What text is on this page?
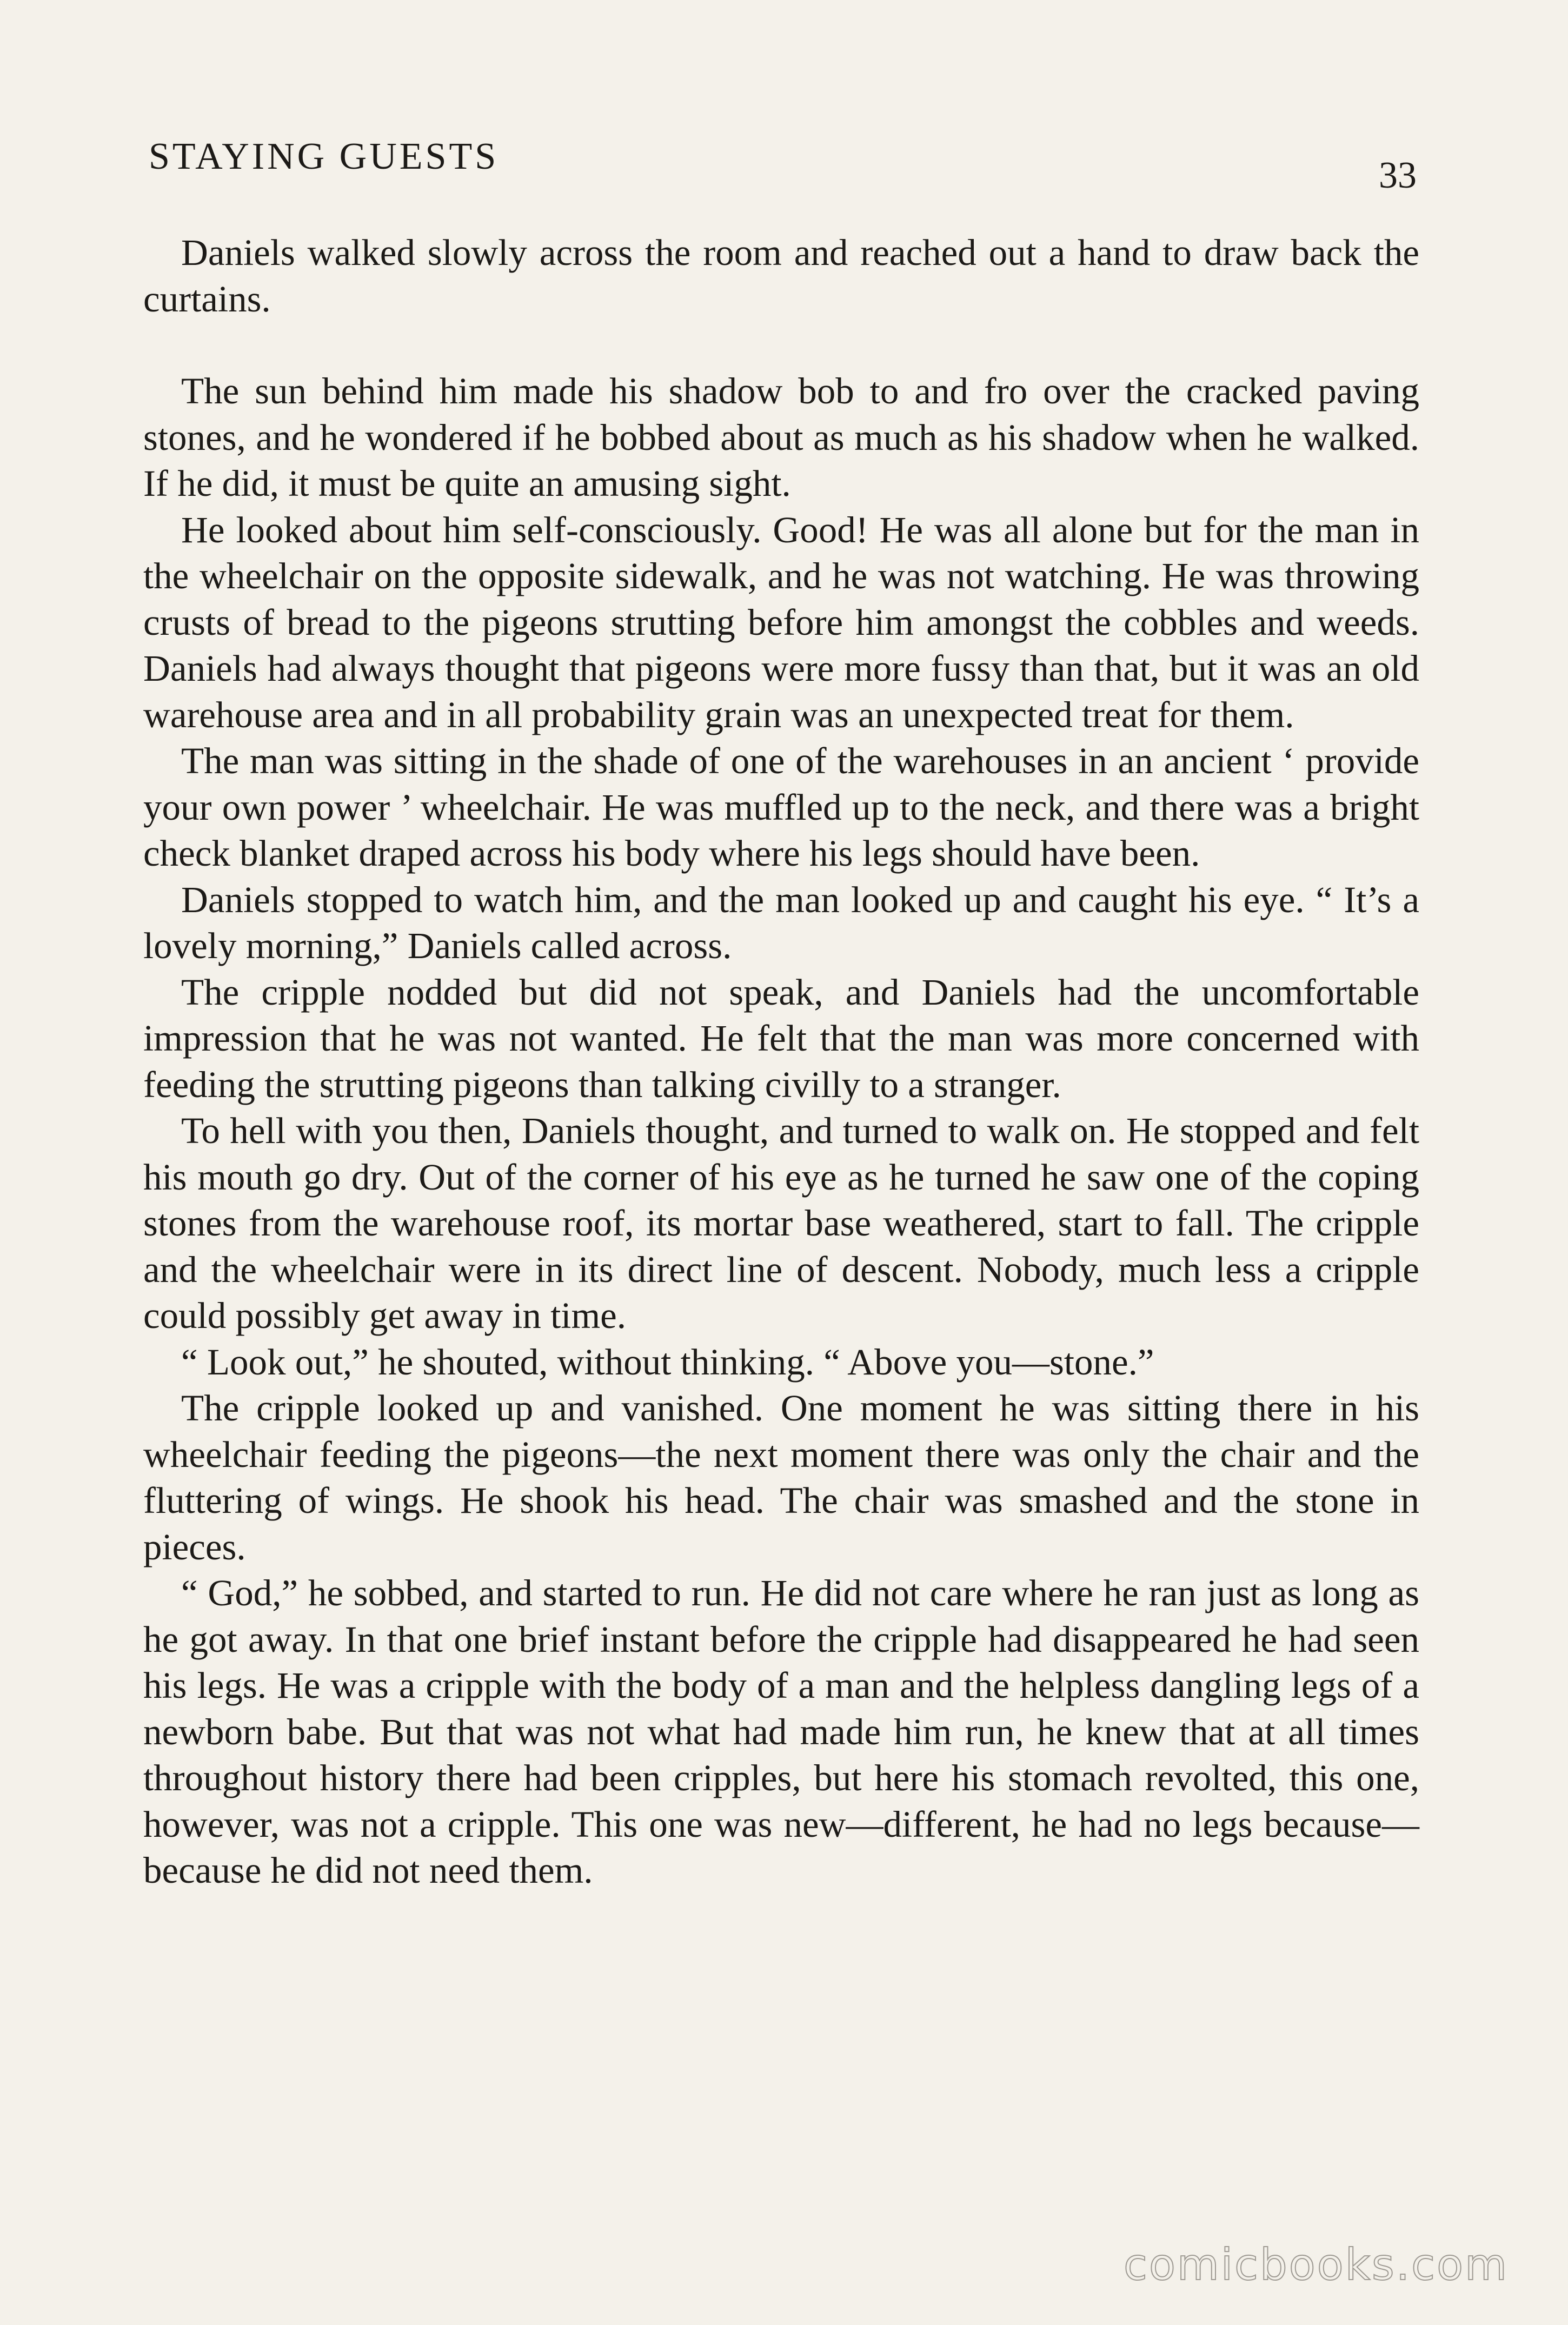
STAYING GUESTS	33

Daniels walked slowly across the room and reached out a hand to draw back the curtains.

The sun behind him made his shadow bob to and fro over the cracked paving stones, and he wondered if he bobbed about as much as his shadow when he walked. If he did, it must be quite an amusing sight.

He looked about him self-consciously. Good! He was all alone but for the man in the wheelchair on the opposite sidewalk, and he was not watching. He was throwing crusts of bread to the pigeons strutting before him amongst the cobbles and weeds. Daniels had always thought that pigeons were more fussy than that, but it was an old warehouse area and in all probability grain was an unexpected treat for them.

The man was sitting in the shade of one of the warehouses in an ancient ‘ provide your own power ’ wheelchair. He was muffled up to the neck, and there was a bright check blanket draped across his body where his legs should have been.

Daniels stopped to watch him, and the man looked up and caught his eye. “ It’s a lovely morning,” Daniels called across.

The cripple nodded but did not speak, and Daniels had the uncomfortable impression that he was not wanted. He felt that the man was more concerned with feeding the strutting pigeons than talking civilly to a stranger.

To hell with you then, Daniels thought, and turned to walk on. He stopped and felt his mouth go dry. Out of the corner of his eye as he turned he saw one of the coping stones from the warehouse roof, its mortar base weathered, start to fall. The cripple and the wheelchair were in its direct line of descent. Nobody, much less a cripple could possibly get away in time.

“ Look out,” he shouted, without thinking. “ Above you—stone.”

The cripple looked up and vanished. One moment he was sitting there in his wheelchair feeding the pigeons—the next moment there was only the chair and the fluttering of wings. He shook his head. The chair was smashed and the stone in pieces.

“ God,” he sobbed, and started to run. He did not care where he ran just as long as he got away. In that one brief instant before the cripple had disappeared he had seen his legs. He was a cripple with the body of a man and the helpless dangling legs of a newborn babe. But that was not what had made him run, he knew that at all times throughout history there had been cripples, but here his stomach revolted, this one, however, was not a cripple. This one was new—different, he had no legs because—because he did not need them.

comicbooks.com
